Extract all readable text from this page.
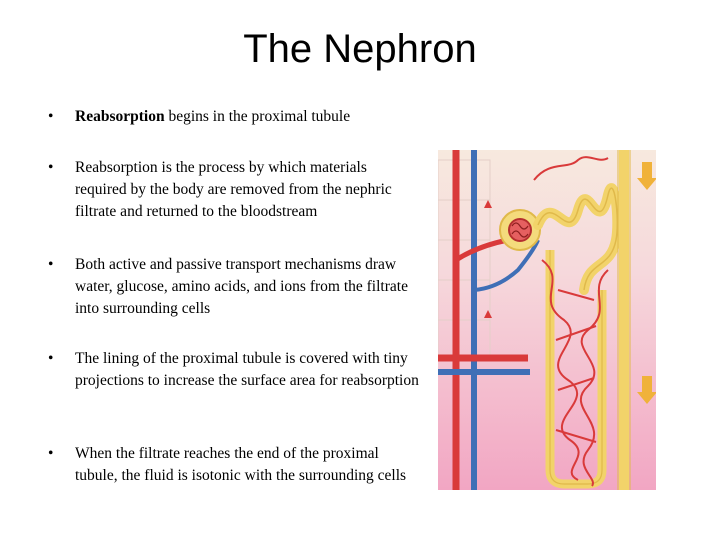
The Nephron
•	Reabsorption begins in the proximal tubule
•	Reabsorption is the process by which materials required by the body are removed from the nephric filtrate and returned to the bloodstream
•	Both active and passive transport mechanisms draw water, glucose, amino acids, and ions from the filtrate into surrounding cells
•	The lining of the proximal tubule is covered with tiny projections to increase the surface area for reabsorption
•	When the filtrate reaches the end of the proximal tubule, the fluid is isotonic with the surrounding cells
